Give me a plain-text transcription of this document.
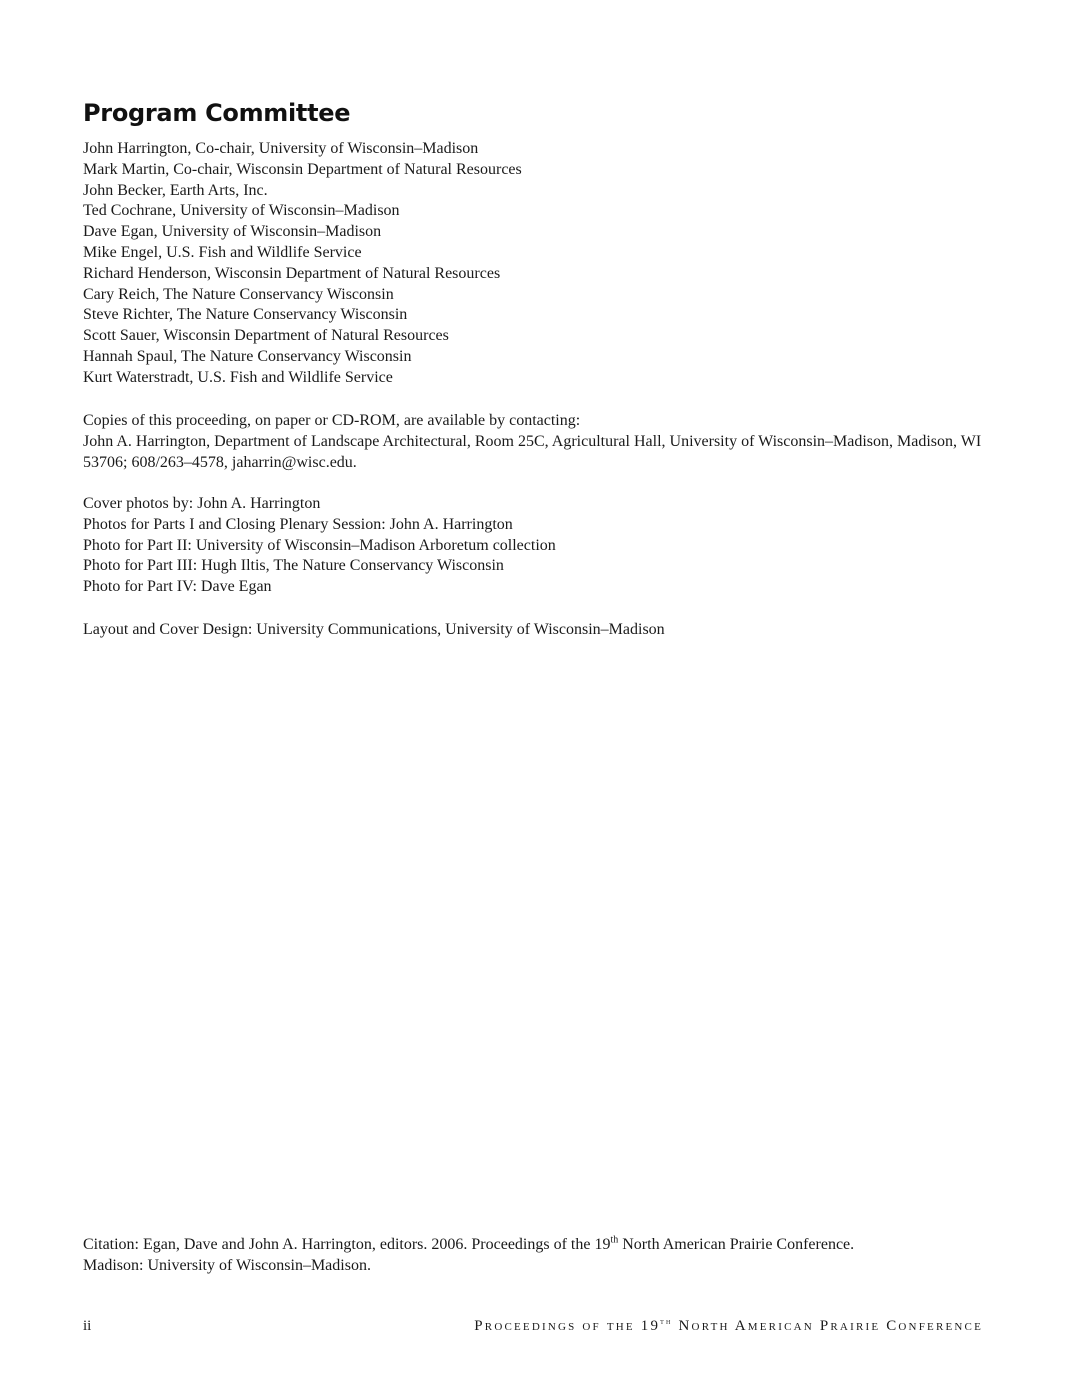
Program Committee
John Harrington, Co-chair, University of Wisconsin–Madison
Mark Martin, Co-chair, Wisconsin Department of Natural Resources
John Becker, Earth Arts, Inc.
Ted Cochrane, University of Wisconsin–Madison
Dave Egan, University of Wisconsin–Madison
Mike Engel, U.S. Fish and Wildlife Service
Richard Henderson, Wisconsin Department of Natural Resources
Cary Reich, The Nature Conservancy Wisconsin
Steve Richter, The Nature Conservancy Wisconsin
Scott Sauer, Wisconsin Department of Natural Resources
Hannah Spaul, The Nature Conservancy Wisconsin
Kurt Waterstradt, U.S. Fish and Wildlife Service
Copies of this proceeding, on paper or CD-ROM, are available by contacting:
John A. Harrington, Department of Landscape Architectural, Room 25C, Agricultural Hall, University of Wisconsin–Madison, Madison, WI 53706; 608/263–4578, jaharrin@wisc.edu.
Cover photos by: John A. Harrington
Photos for Parts I and Closing Plenary Session: John A. Harrington
Photo for Part II: University of Wisconsin–Madison Arboretum collection
Photo for Part III: Hugh Iltis, The Nature Conservancy Wisconsin
Photo for Part IV: Dave Egan
Layout and Cover Design: University Communications, University of Wisconsin–Madison
Citation: Egan, Dave and John A. Harrington, editors. 2006. Proceedings of the 19th North American Prairie Conference.
Madison: University of Wisconsin–Madison.
ii	Proceedings of the 19th North American Prairie Conference
